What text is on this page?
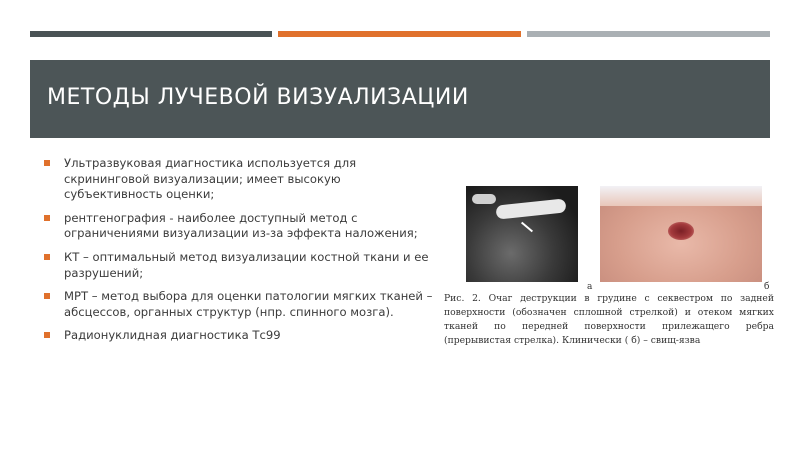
МЕТОДЫ ЛУЧЕВОЙ ВИЗУАЛИЗАЦИИ
Ультразвуковая диагностика используется для скрининговой визуализации; имеет высокую субъективность оценки;
рентгенография - наиболее доступный метод с ограничениями визуализации из-за эффекта наложения;
КТ – оптимальный метод визуализации костной ткани и ее разрушений;
МРТ – метод выбора для оценки патологии мягких тканей – абсцессов, органных структур (нпр. спинного мозга).
Радионуклидная диагностика Тс99
а	б
Рис. 2. Очаг деструкции в грудине с секвестром по задней поверхности (обозначен сплошной стрелкой) и отеком мягких тканей по передней поверхности прилежащего ребра (прерывистая стрелка). Клинически ( б) – свищ-язва
